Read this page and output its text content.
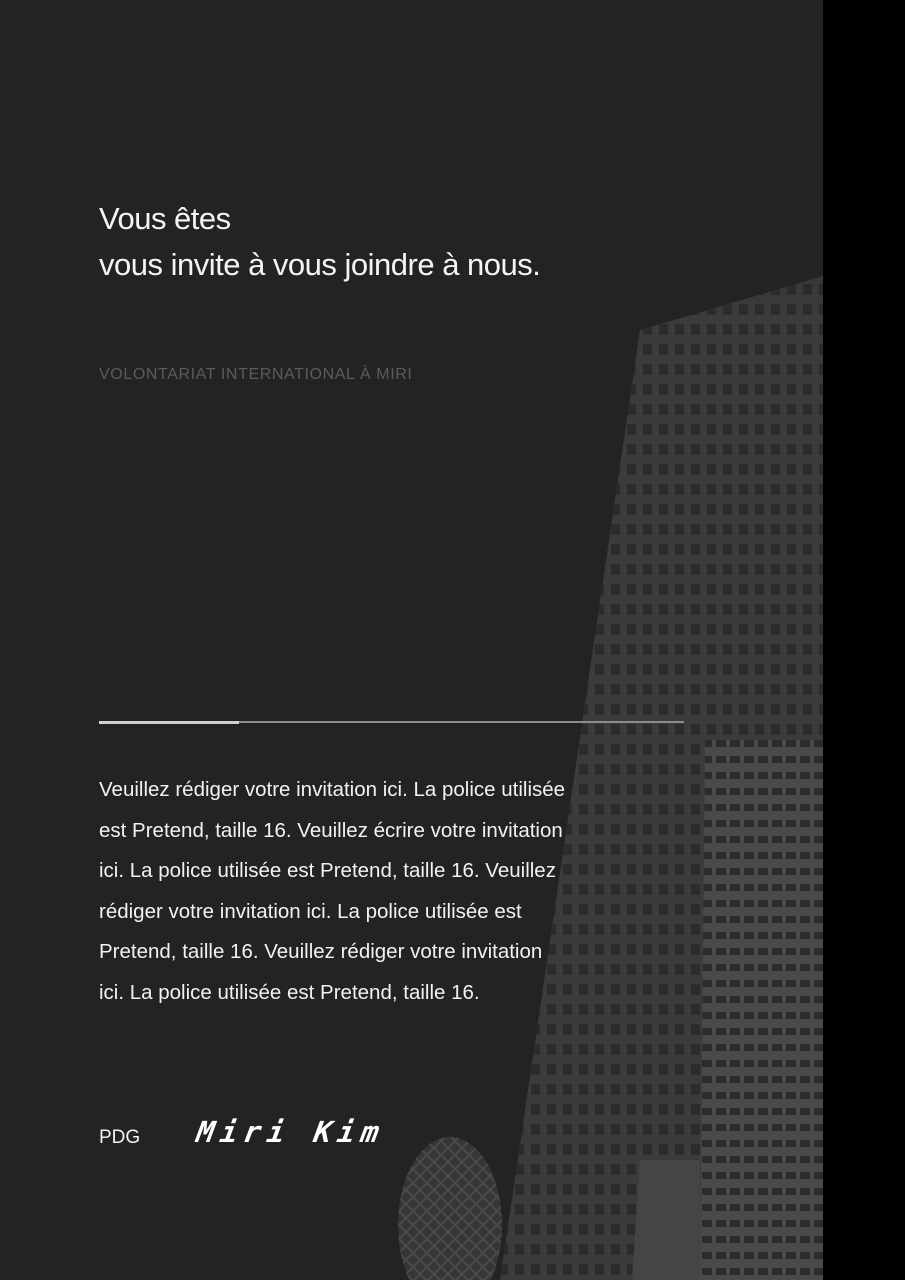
Vous êtes
vous invite à vous joindre à nous.
VOLONTARIAT INTERNATIONAL À MIRI
Veuillez rédiger votre invitation ici. La police utilisée est Pretend, taille 16. Veuillez écrire votre invitation ici. La police utilisée est Pretend, taille 16. Veuillez rédiger votre invitation ici. La police utilisée est Pretend, taille 16. Veuillez rédiger votre invitation ici. La police utilisée est Pretend, taille 16.
PDG Miri Kim
